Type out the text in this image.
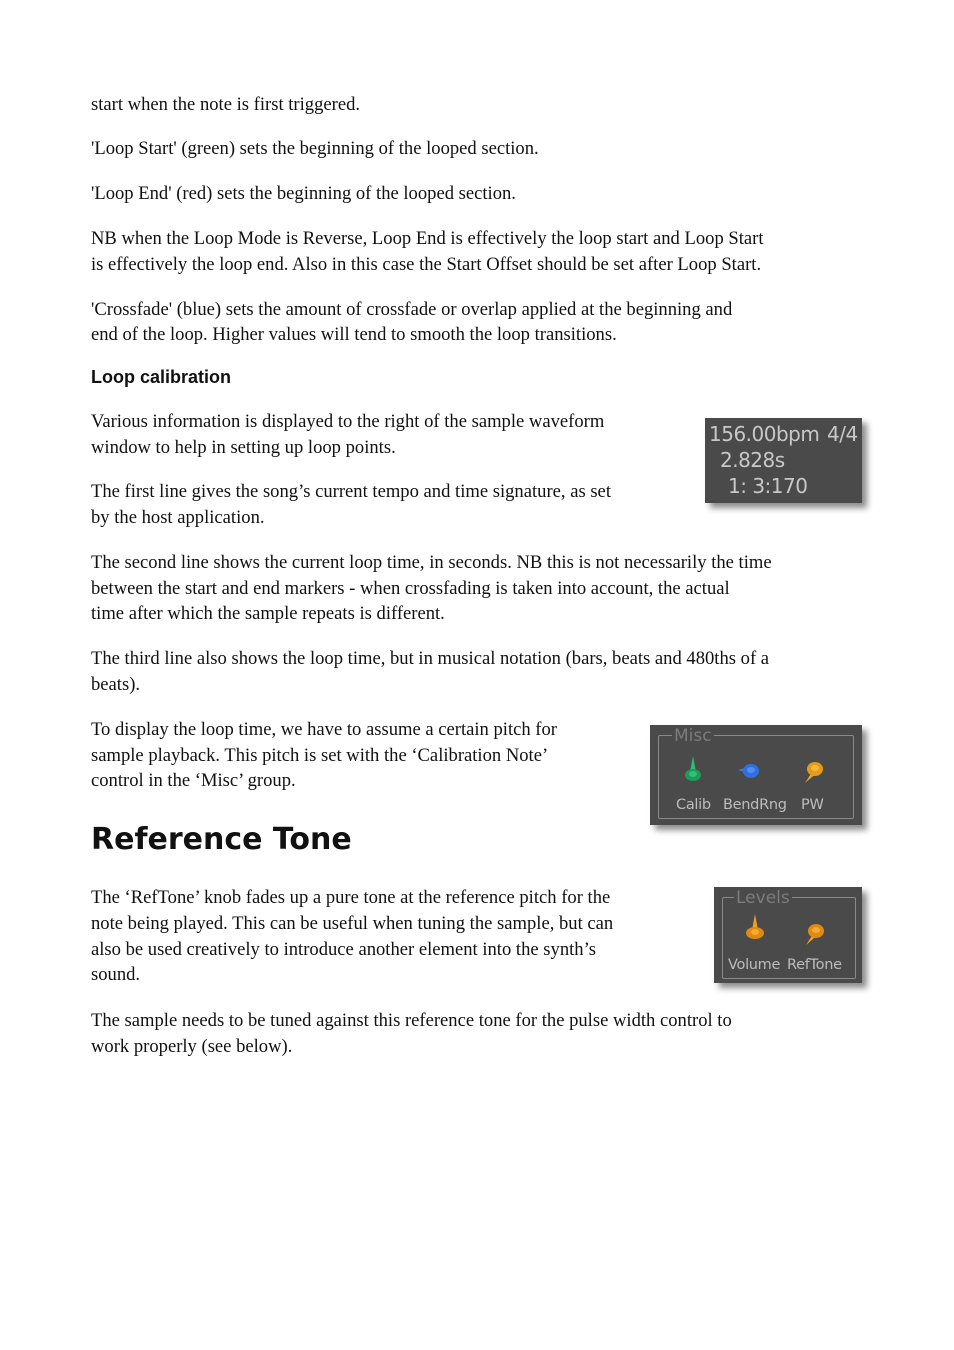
start when the note is first triggered.

'Loop Start' (green) sets the beginning of the looped section.

'Loop End' (red) sets the beginning of the looped section.

NB when the Loop Mode is Reverse, Loop End is effectively the loop start and Loop Start

is effectively the loop end. Also in this case the Start Offset should be set after Loop Start.

'Crossfade' (blue) sets the amount of crossfade or overlap applied at the beginning and

end of the loop. Higher values will tend to smooth the loop transitions.

Loop calibration

Various information is displayed to the right of the sample waveform

window to help in setting up loop points.

The first line gives the song’s current tempo and time signature, as set

by the host application.

156.00bpm 4/4
2.828s
1: 3:170

The second line shows the current loop time, in seconds. NB this is not necessarily the time

between the start and end markers - when crossfading is taken into account, the actual

time after which the sample repeats is different.

The third line also shows the loop time, but in musical notation (bars, beats and 480ths of a

beats).

To display the loop time, we have to assume a certain pitch for

sample playback. This pitch is set with the ‘Calibration Note’

control in the ‘Misc’ group.

Misc
Calib BendRng PW
Reference Tone

The ‘RefTone’ knob fades up a pure tone at the reference pitch for the

note being played. This can be useful when tuning the sample, but can

also be used creatively to introduce another element into the synth’s

sound.

Levels
Volume RefTone

The sample needs to be tuned against this reference tone for the pulse width control to

work properly (see below).
